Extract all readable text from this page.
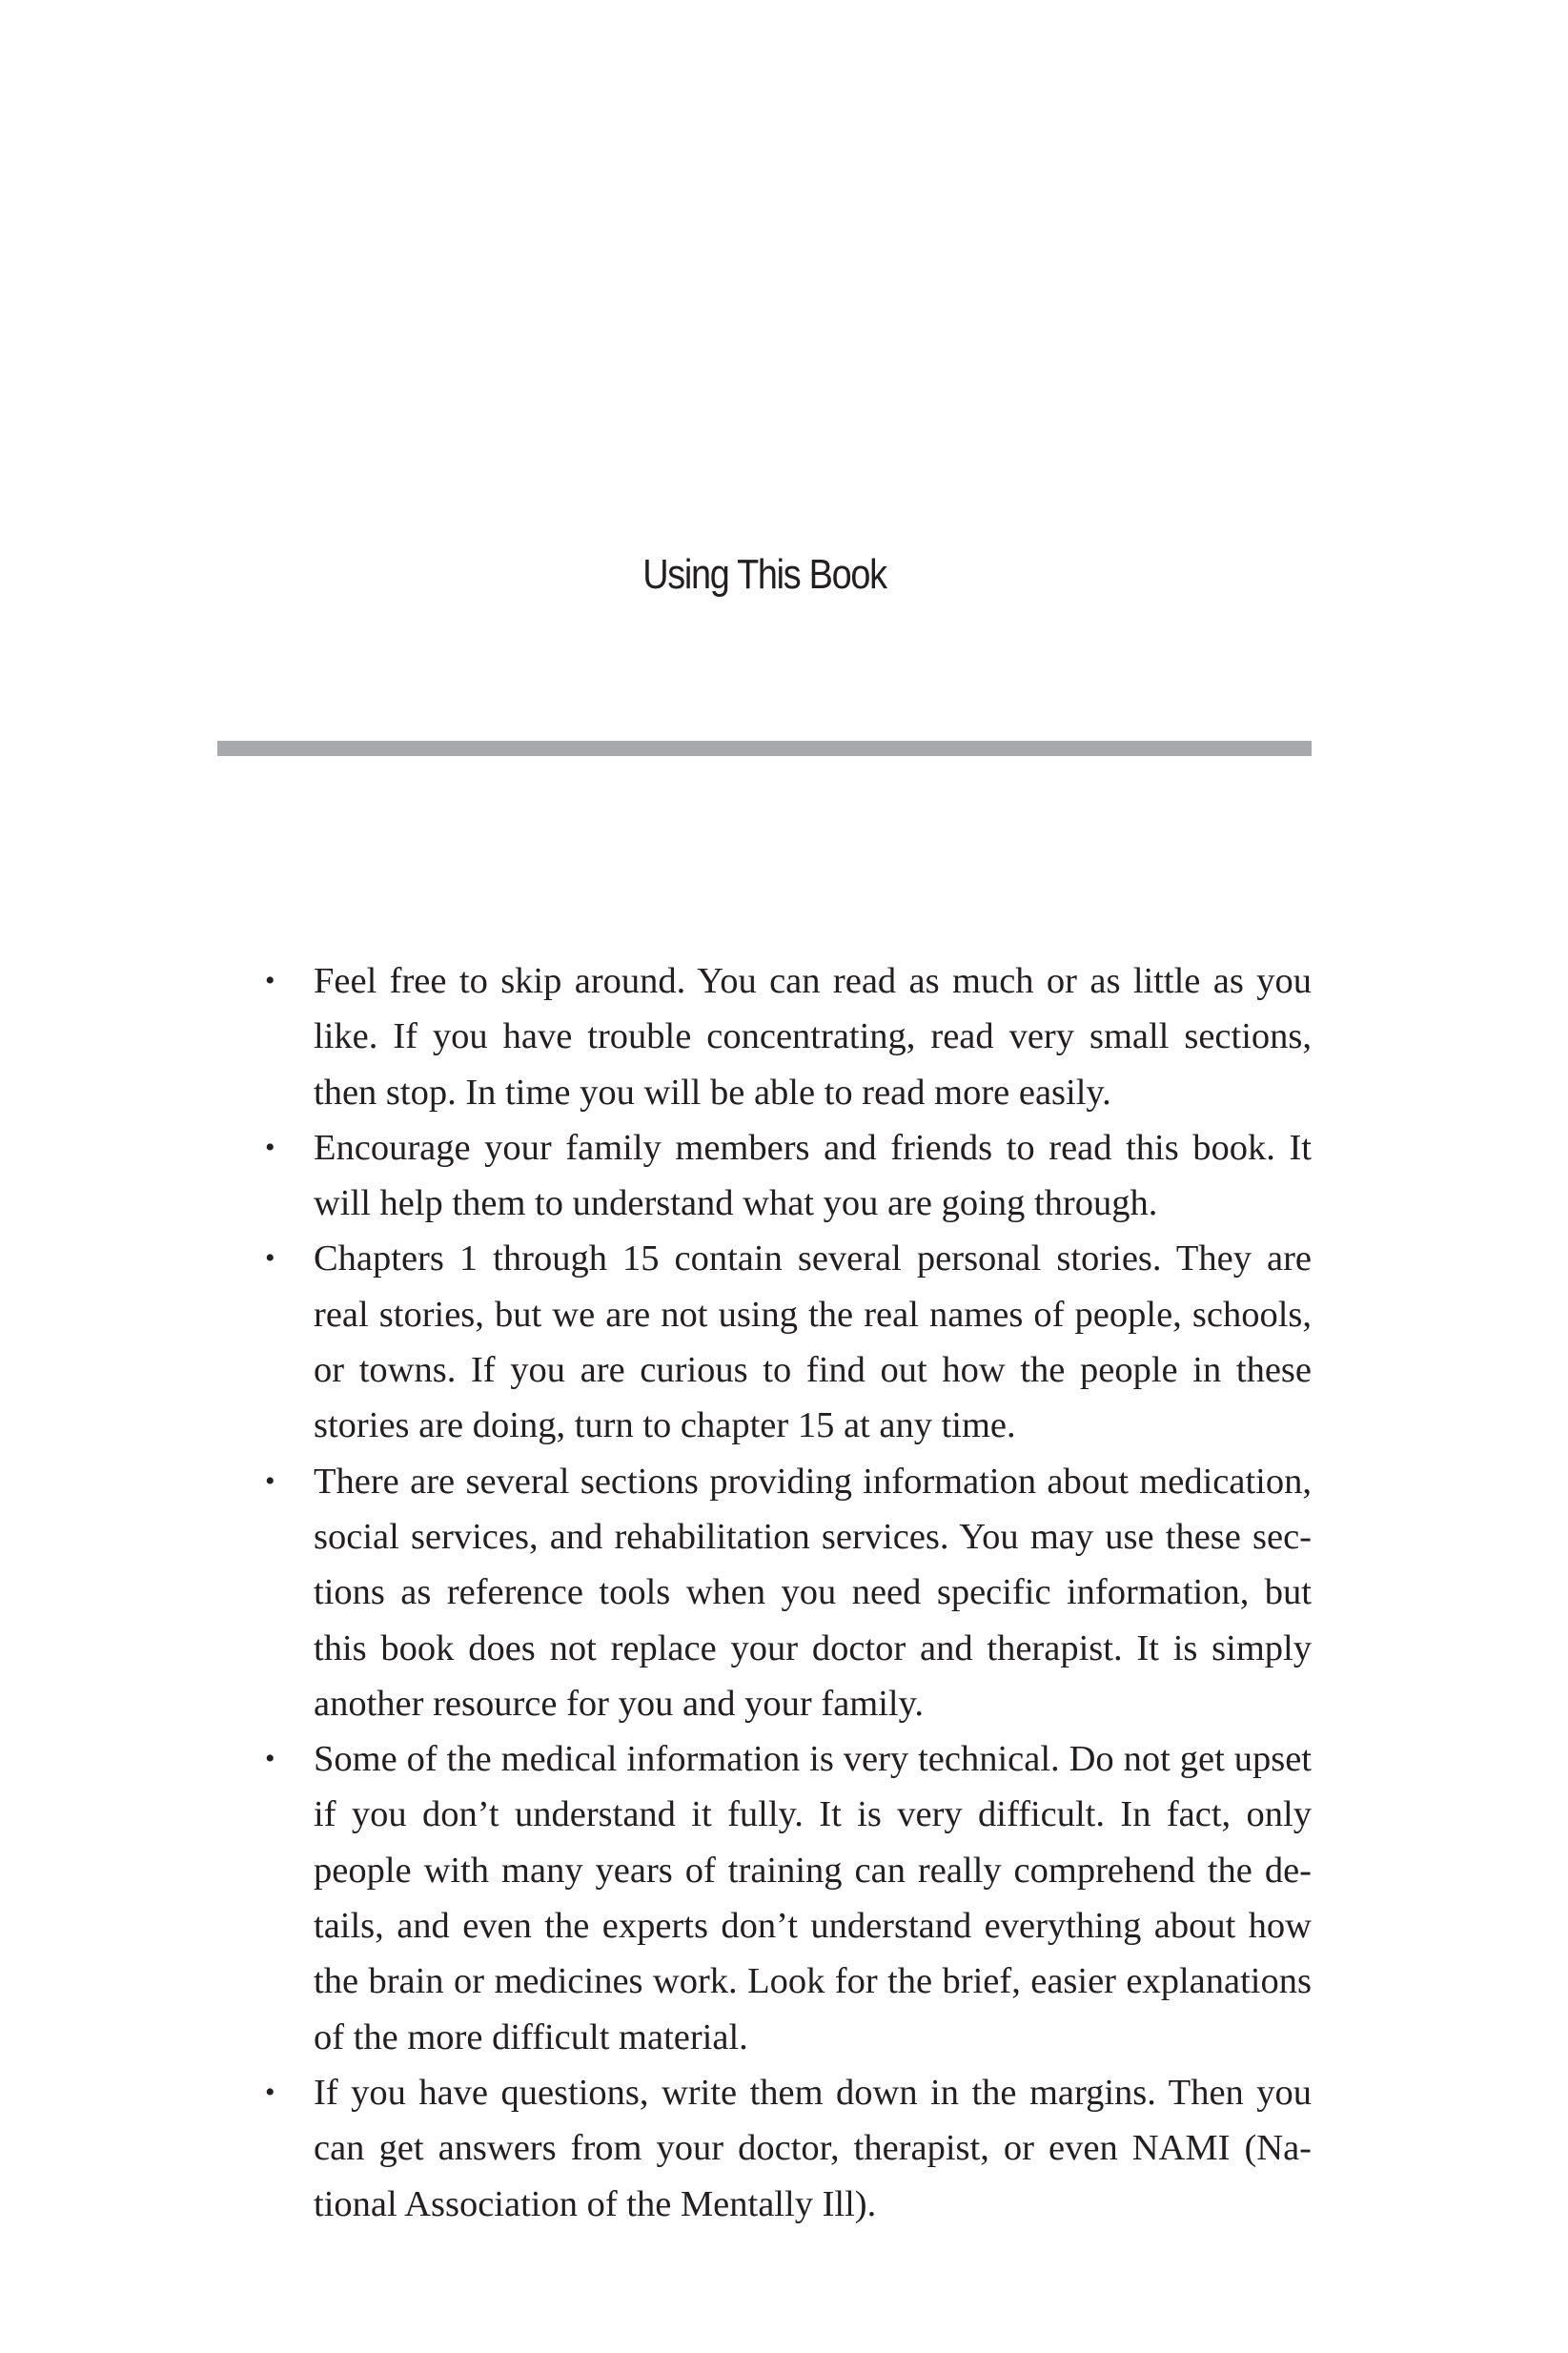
Using This Book
• Feel free to skip around. You can read as much or as little as you like. If you have trouble concentrating, read very small sections, then stop. In time you will be able to read more easily.
• Encourage your family members and friends to read this book. It will help them to understand what you are going through.
• Chapters 1 through 15 contain several personal stories. They are real stories, but we are not using the real names of people, schools, or towns. If you are curious to find out how the people in these stories are doing, turn to chapter 15 at any time.
• There are several sections providing information about medication, social services, and rehabilitation services. You may use these sections as reference tools when you need specific information, but this book does not replace your doctor and therapist. It is simply another resource for you and your family.
• Some of the medical information is very technical. Do not get upset if you don’t understand it fully. It is very difficult. In fact, only people with many years of training can really comprehend the details, and even the experts don’t understand everything about how the brain or medicines work. Look for the brief, easier explanations of the more difficult material.
• If you have questions, write them down in the margins. Then you can get answers from your doctor, therapist, or even NAMI (National Association of the Mentally Ill).
